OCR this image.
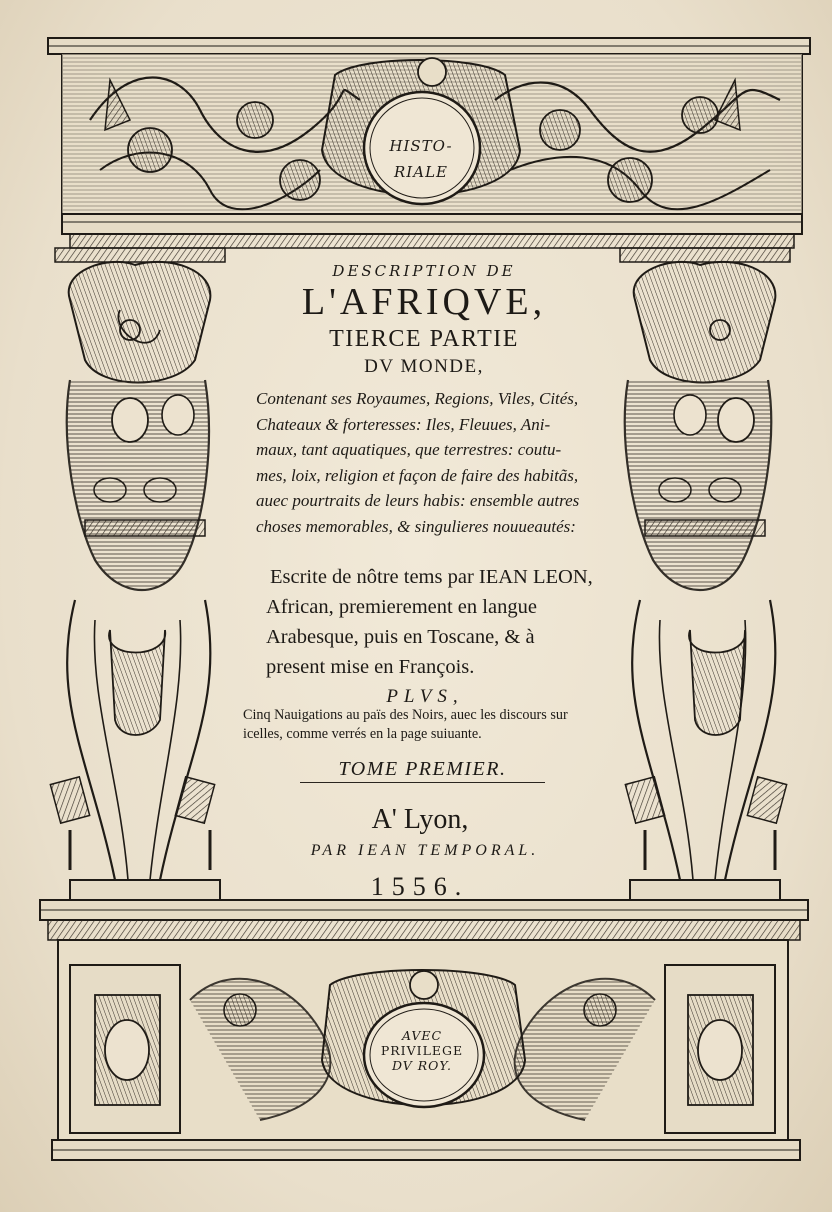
HISTO-
RIALE
DESCRIPTION DE
L'AFRIQVE,
TIERCE PARTIE
DV MONDE,
Contenant ses Royaumes, Regions, Viles, Cités,
Chateaux & forteresses: Iles, Fleuues, Ani-
maux, tant aquatiques, que terrestres: coutu-
mes, loix, religion et façon de faire des habitãs,
auec pourtraits de leurs habis: ensemble autres
choses memorables, & singulieres nouueautés:
Escrite de nôtre tems par IEAN LEON,
African, premierement en langue
Arabesque, puis en Toscane, & à
present mise en François.
PLVS,
Cinq Nauigations au païs des Noirs, auec les discours sur
icelles, comme verrés en la page suiuante.
TOME PREMIER.
A' Lyon,
PAR IEAN TEMPORAL.
1556.
AVEC
PRIVILEGE
DV ROY.
